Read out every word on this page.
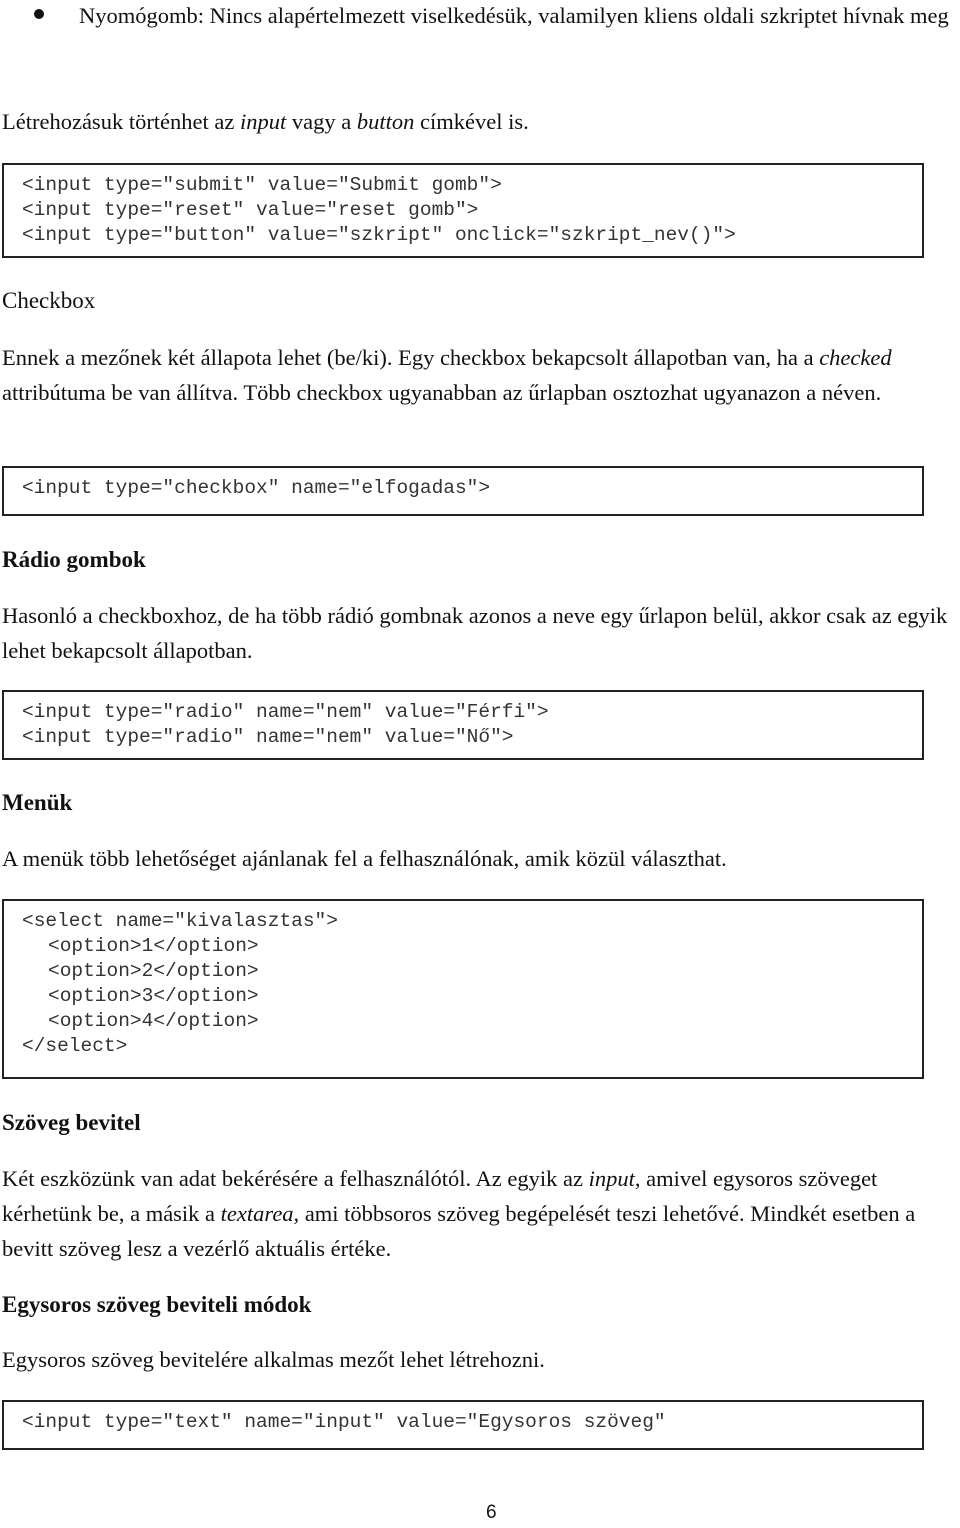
Nyomógomb: Nincs alapértelmezett viselkedésük, valamilyen kliens oldali szkriptet hívnak meg

Létrehozásuk történhet az input vagy a button címkével is.

<input type=″submit″ value=″Submit gomb″>

<input type=″reset″ value=″reset gomb″>

<input type=″button″ value=″szkript″ onclick=″szkript_nev()″>

Checkbox

Ennek a mezőnek két állapota lehet (be/ki). Egy checkbox bekapcsolt állapotban van, ha a checked attribútuma be van állítva. Több checkbox ugyanabban az űrlapban osztozhat ugyanazon a néven.

<input type=″checkbox″ name=″elfogadas″>

Rádio gombok

Hasonló a checkboxhoz, de ha több rádió gombnak azonos a neve egy űrlapon belül, akkor csak az egyik lehet bekapcsolt állapotban.

<input type=″radio″ name=″nem″ value=″Férfi″>

<input type=″radio″ name=″nem″ value=″Nő″>

Menük

A menük több lehetőséget ajánlanak fel a felhasználónak, amik közül választhat.

<select name=″kivalasztas″>

<option>1</option>

<option>2</option>

<option>3</option>

<option>4</option>

</select>

Szöveg bevitel

Két eszközünk van adat bekérésére a felhasználótól. Az egyik az input, amivel egysoros szöveget kérhetünk be, a másik a textarea, ami többsoros szöveg begépelését teszi lehetővé. Mindkét esetben a bevitt szöveg lesz a vezérlő aktuális értéke.

Egysoros szöveg beviteli módok

Egysoros szöveg bevitelére alkalmas mezőt lehet létrehozni.

<input type=″text″ name=″input″ value=″Egysoros szöveg″

6
